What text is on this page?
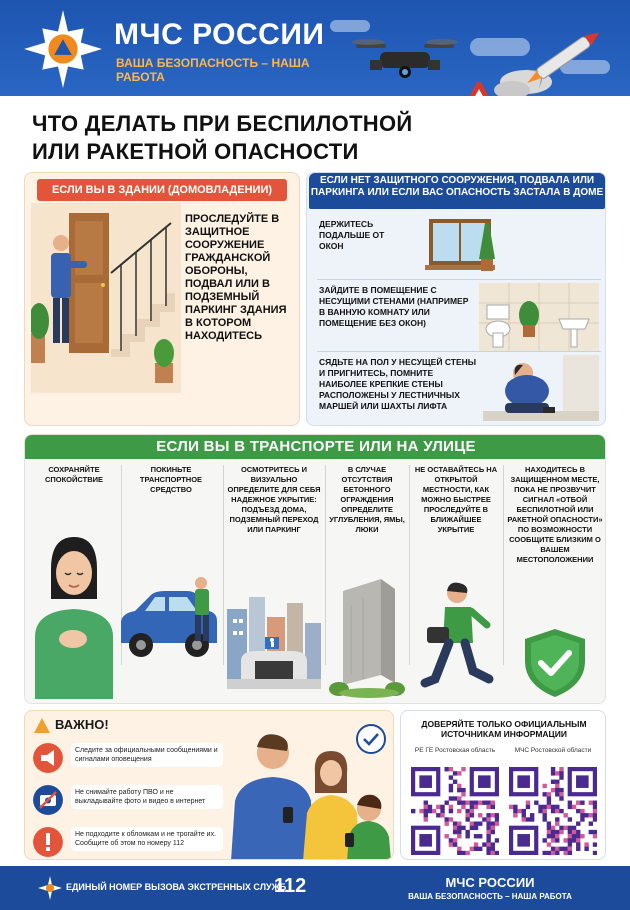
МЧС РОССИИ
ВАША БЕЗОПАСНОСТЬ – НАША РАБОТА
ЧТО ДЕЛАТЬ ПРИ БЕСПИЛОТНОЙ ИЛИ РАКЕТНОЙ ОПАСНОСТИ
ЕСЛИ ВЫ В ЗДАНИИ (ДОМОВЛАДЕНИИ)
ПРОСЛЕДУЙТЕ В ЗАЩИТНОЕ СООРУЖЕНИЕ ГРАЖДАНСКОЙ ОБОРОНЫ, ПОДВАЛ ИЛИ В ПОДЗЕМНЫЙ ПАРКИНГ ЗДАНИЯ В КОТОРОМ НАХОДИТЕСЬ
ЕСЛИ НЕТ ЗАЩИТНОГО СООРУЖЕНИЯ, ПОДВАЛА ИЛИ ПАРКИНГА ИЛИ ЕСЛИ ВАС ОПАСНОСТЬ ЗАСТАЛА В ДОМЕ
ДЕРЖИТЕСЬ ПОДАЛЬШЕ ОТ ОКОН
ЗАЙДИТЕ В ПОМЕЩЕНИЕ С НЕСУЩИМИ СТЕНАМИ (НАПРИМЕР В ВАННУЮ КОМНАТУ ИЛИ ПОМЕЩЕНИЕ БЕЗ ОКОН)
СЯДЬТЕ НА ПОЛ У НЕСУЩЕЙ СТЕНЫ И ПРИГНИТЕСЬ, ПОМНИТЕ НАИБОЛЕЕ КРЕПКИЕ СТЕНЫ РАСПОЛОЖЕНЫ У ЛЕСТНИЧНЫХ МАРШЕЙ ИЛИ ШАХТЫ ЛИФТА
ЕСЛИ ВЫ В ТРАНСПОРТЕ ИЛИ НА УЛИЦЕ
СОХРАНЯЙТЕ СПОКОЙСТВИЕ
ПОКИНЬТЕ ТРАНСПОРТНОЕ СРЕДСТВО
ОСМОТРИТЕСЬ И ВИЗУАЛЬНО ОПРЕДЕЛИТЕ ДЛЯ СЕБЯ НАДЕЖНОЕ УКРЫТИЕ: ПОДЪЕЗД ДОМА, ПОДЗЕМНЫЙ ПЕРЕХОД ИЛИ ПАРКИНГ
В СЛУЧАЕ ОТСУТСТВИЯ БЕТОННОГО ОГРАЖДЕНИЯ ОПРЕДЕЛИТЕ УГЛУБЛЕНИЯ, ЯМЫ, ЛЮКИ
НЕ ОСТАВАЙТЕСЬ НА ОТКРЫТОЙ МЕСТНОСТИ, КАК МОЖНО БЫСТРЕЕ ПРОСЛЕДУЙТЕ В БЛИЖАЙШЕЕ УКРЫТИЕ
НАХОДИТЕСЬ В ЗАЩИЩЕННОМ МЕСТЕ, ПОКА НЕ ПРОЗВУЧИТ СИГНАЛ «ОТБОЙ БЕСПИЛОТНОЙ ИЛИ РАКЕТНОЙ ОПАСНОСТИ» ПО ВОЗМОЖНОСТИ СООБЩИТЕ БЛИЗКИМ О ВАШЕМ МЕСТОПОЛОЖЕНИИ
ВАЖНО!
Следите за официальными сообщениями и сигналами оповещения
Не снимайте работу ПВО и не выкладывайте фото и видео в интернет
Не подходите к обломкам и не трогайте их. Сообщите об этом по номеру 112
ДОВЕРЯЙТЕ ТОЛЬКО ОФИЦИАЛЬНЫМ ИСТОЧНИКАМ ИНФОРМАЦИИ
РЕ ГЕ Ростовская область	МЧС Ростовской области
ЕДИНЫЙ НОМЕР ВЫЗОВА ЭКСТРЕННЫХ СЛУЖБ
112	МЧС РОССИИ
ВАША БЕЗОПАСНОСТЬ – НАША РАБОТА
